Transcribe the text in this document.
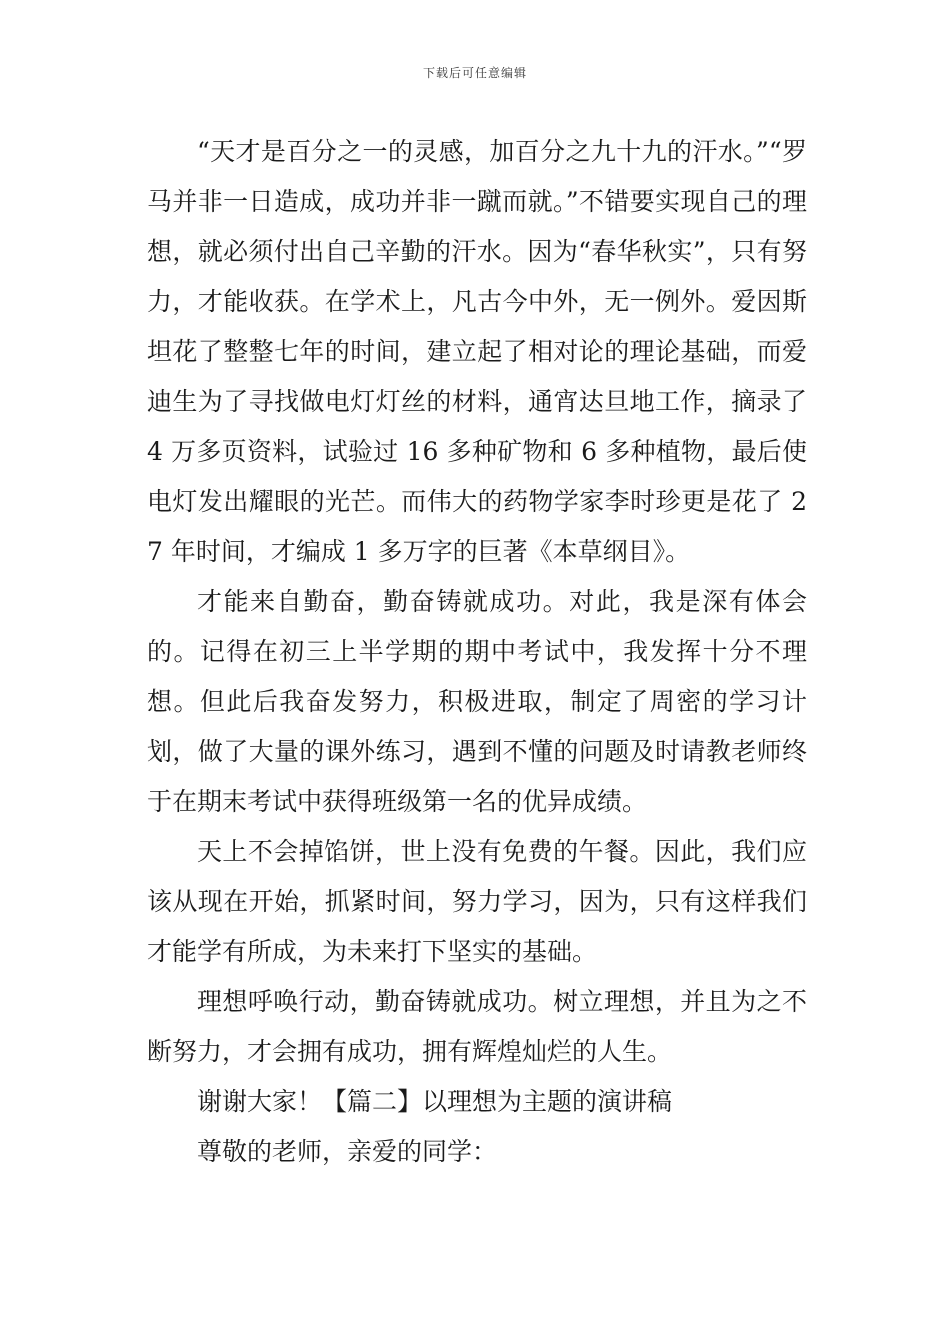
下载后可任意编辑

“天才是百分之一的灵感，加百分之九十九的汗水。”“罗马并非一日造成，成功并非一蹴而就。”不错要实现自己的理想，就必须付出自己辛勤的汗水。因为“春华秋实”，只有努力，才能收获。在学术上，凡古今中外，无一例外。爱因斯坦花了整整七年的时间，建立起了相对论的理论基础，而爱迪生为了寻找做电灯灯丝的材料，通宵达旦地工作，摘录了 4 万多页资料，试验过 16 多种矿物和 6 多种植物，最后使电灯发出耀眼的光芒。而伟大的药物学家李时珍更是花了 27 年时间，才编成 1 多万字的巨著《本草纲目》。

才能来自勤奋，勤奋铸就成功。对此，我是深有体会的。记得在初三上半学期的期中考试中，我发挥十分不理想。但此后我奋发努力，积极进取，制定了周密的学习计划，做了大量的课外练习，遇到不懂的问题及时请教老师终于在期末考试中获得班级第一名的优异成绩。

天上不会掉馅饼，世上没有免费的午餐。因此，我们应该从现在开始，抓紧时间，努力学习，因为，只有这样我们才能学有所成，为未来打下坚实的基础。

理想呼唤行动，勤奋铸就成功。树立理想，并且为之不断努力，才会拥有成功，拥有辉煌灿烂的人生。

谢谢大家！【篇二】以理想为主题的演讲稿

尊敬的老师，亲爱的同学：
